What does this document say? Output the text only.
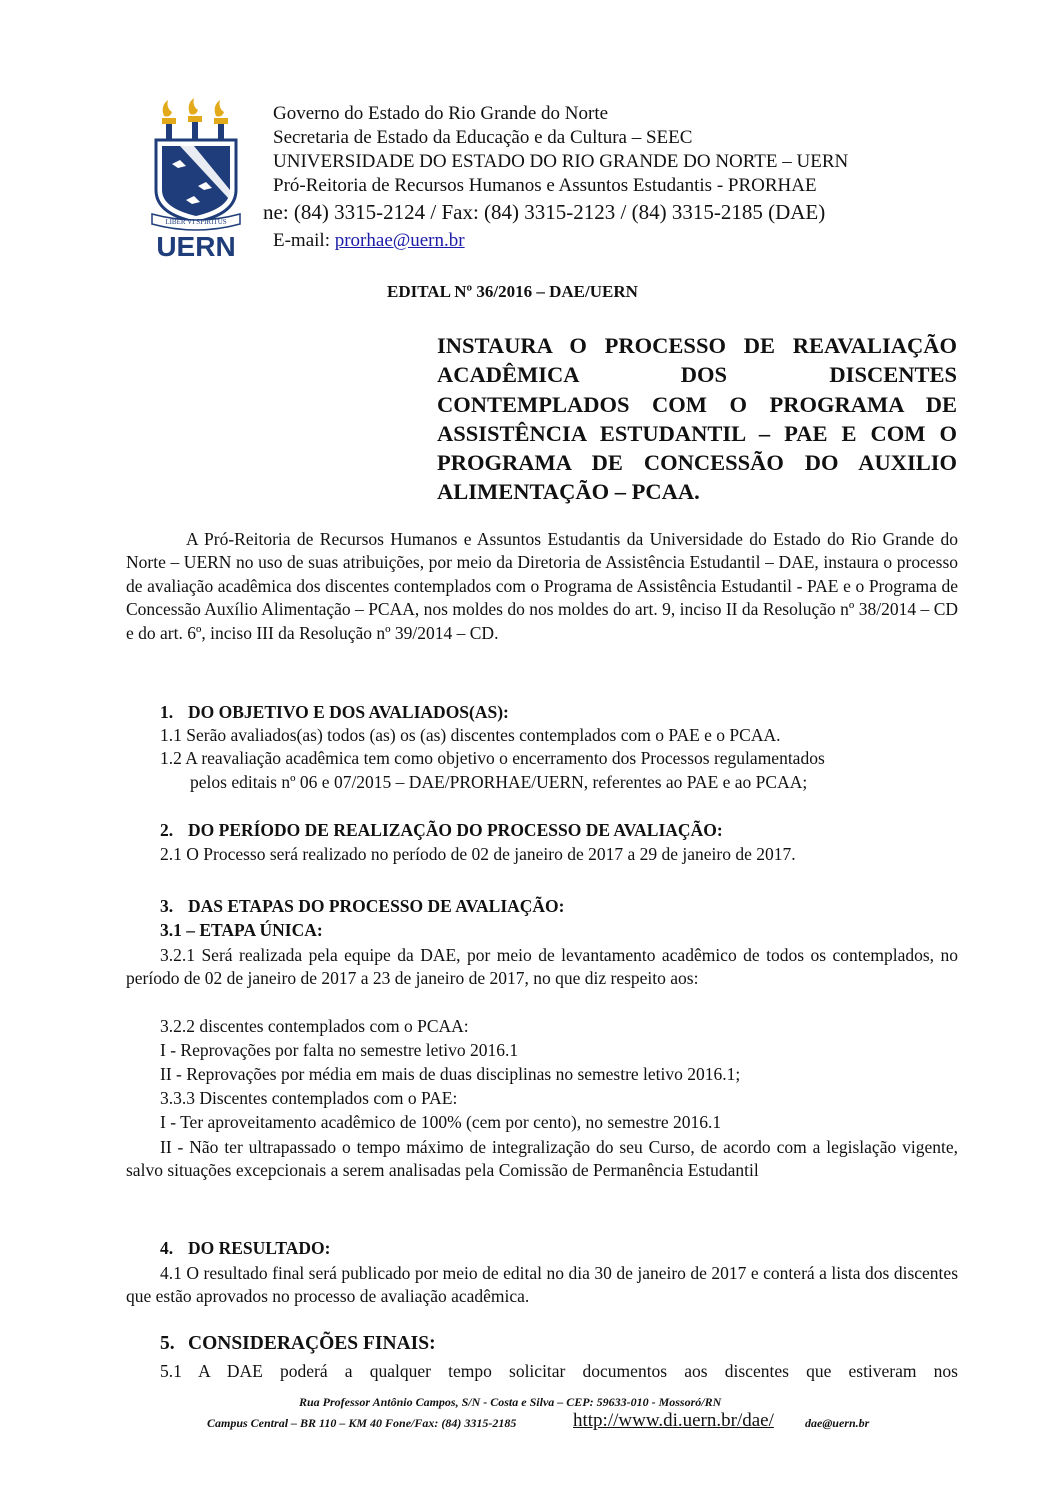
LIBER VI SPIRITUS
UERN
Governo do Estado do Rio Grande do Norte
Secretaria de Estado da Educação e da Cultura – SEEC
UNIVERSIDADE DO ESTADO DO RIO GRANDE DO NORTE – UERN
Pró-Reitoria de Recursos Humanos e Assuntos Estudantis - PRORHAE
ne: (84) 3315-2124 / Fax: (84) 3315-2123 / (84) 3315-2185 (DAE)
E-mail: prorhae@uern.br
EDITAL Nº 36/2016 – DAE/UERN
INSTAURA O PROCESSO DE REAVALIAÇÃO ACADÊMICA DOS DISCENTES CONTEMPLADOS COM O PROGRAMA DE ASSISTÊNCIA ESTUDANTIL – PAE E COM O PROGRAMA DE CONCESSÃO DO AUXILIO ALIMENTAÇÃO – PCAA.
A Pró-Reitoria de Recursos Humanos e Assuntos Estudantis da Universidade do Estado do Rio Grande do Norte – UERN no uso de suas atribuições, por meio da Diretoria de Assistência Estudantil – DAE, instaura o processo de avaliação acadêmica dos discentes contemplados com o Programa de Assistência Estudantil - PAE e o Programa de Concessão Auxílio Alimentação – PCAA, nos moldes do nos moldes do art. 9, inciso II da Resolução nº 38/2014 – CD e do art. 6º, inciso III da Resolução nº 39/2014 – CD.
1. DO OBJETIVO E DOS AVALIADOS(AS):
1.1 Serão avaliados(as) todos (as) os (as) discentes contemplados com o PAE e o PCAA.
1.2 A reavaliação acadêmica tem como objetivo o encerramento dos Processos regulamentados
pelos editais nº 06 e 07/2015 – DAE/PRORHAE/UERN, referentes ao PAE e ao PCAA;
2. DO PERÍODO DE REALIZAÇÃO DO PROCESSO DE AVALIAÇÃO:
2.1 O Processo será realizado no período de 02 de janeiro de 2017 a 29 de janeiro de 2017.
3. DAS ETAPAS DO PROCESSO DE AVALIAÇÃO:
3.1 – ETAPA ÚNICA:
3.2.1 Será realizada pela equipe da DAE, por meio de levantamento acadêmico de todos os contemplados, no período de 02 de janeiro de 2017 a 23 de janeiro de 2017, no que diz respeito aos:
3.2.2 discentes contemplados com o PCAA:
I - Reprovações por falta no semestre letivo 2016.1
II - Reprovações por média em mais de duas disciplinas no semestre letivo 2016.1;
3.3.3 Discentes contemplados com o PAE:
I - Ter aproveitamento acadêmico de 100% (cem por cento), no semestre 2016.1
II - Não ter ultrapassado o tempo máximo de integralização do seu Curso, de acordo com a legislação vigente, salvo situações excepcionais a serem analisadas pela Comissão de Permanência Estudantil
4. DO RESULTADO:
4.1 O resultado final será publicado por meio de edital no dia 30 de janeiro de 2017 e conterá a lista dos discentes que estão aprovados no processo de avaliação acadêmica.
5. CONSIDERAÇÕES FINAIS:
5.1 A DAE poderá a qualquer tempo solicitar documentos aos discentes que estiveram nos
Rua Professor Antônio Campos, S/N - Costa e Silva – CEP: 59633-010 - Mossoró/RN
Campus Central – BR 110 – KM 40 Fone/Fax: (84) 3315-2185	http://www.di.uern.br/dae/	dae@uern.br
